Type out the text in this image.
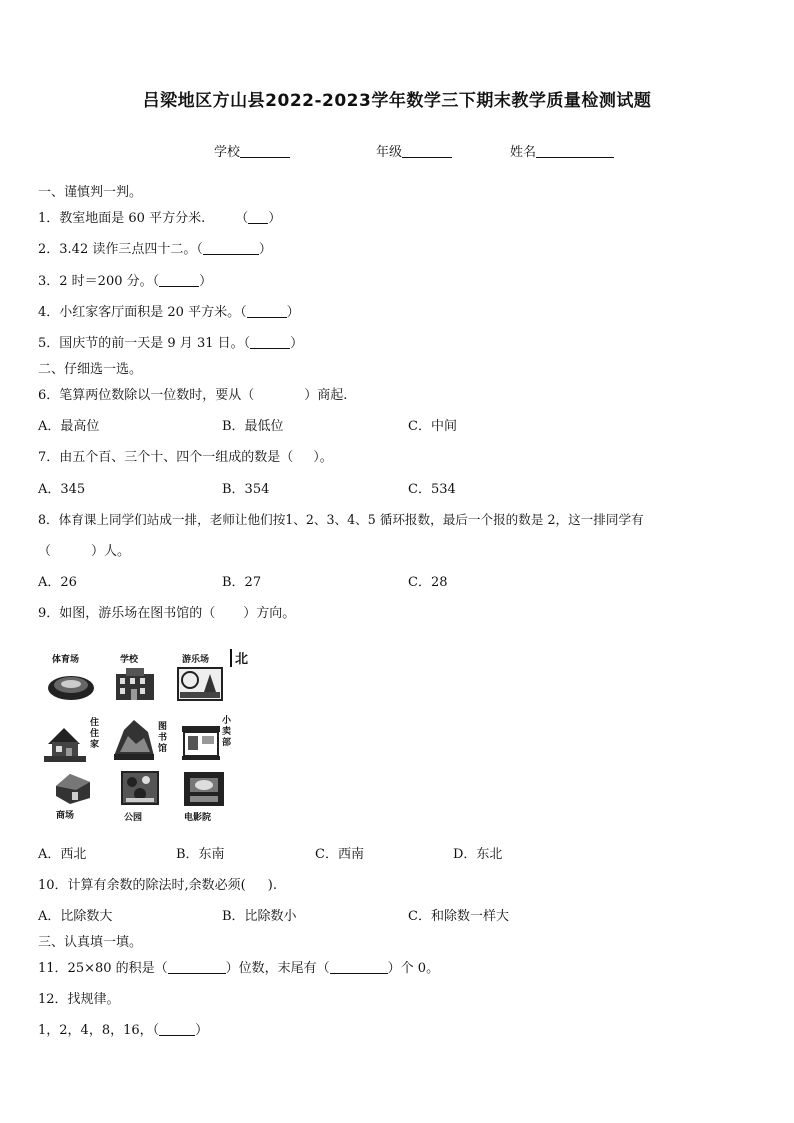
吕梁地区方山县2022-2023学年数学三下期末教学质量检测试题
学校	年级	姓名
一、谨慎判一判。
1．教室地面是 60 平方分米. （ ）
2．3.42 读作三点四十二。（	）
3．2 时＝200 分。（	）
4．小红家客厅面积是 20 平方米。（	）
5．国庆节的前一天是 9 月 31 日。（	）
二、仔细选一选。
6．笔算两位数除以一位数时，要从（	）商起.
A．最高位	B．最低位	C．中间
7．由五个百、三个十、四个一组成的数是（ ）。
A．345	B．354	C．534
8．体育课上同学们站成一排，老师让他们按1、2、3、4、5 循环报数，最后一个报的数是 2，这一排同学有
（	）人。
A．26	B．27	C．28
9．如图，游乐场在图书馆的（ ）方向。
北
体育场	学校	游乐场
住住家
图书馆
小卖部
商场	公园	电影院
A．西北	B．东南	C．西南	D．东北
10．计算有余数的除法时,余数必须( ).
A．比除数大	B．比除数小	C．和除数一样大
三、认真填一填。
11．25×80 的积是（	）位数，末尾有（	）个 0。
12．找规律。
1，2，4，8，16，（	）
